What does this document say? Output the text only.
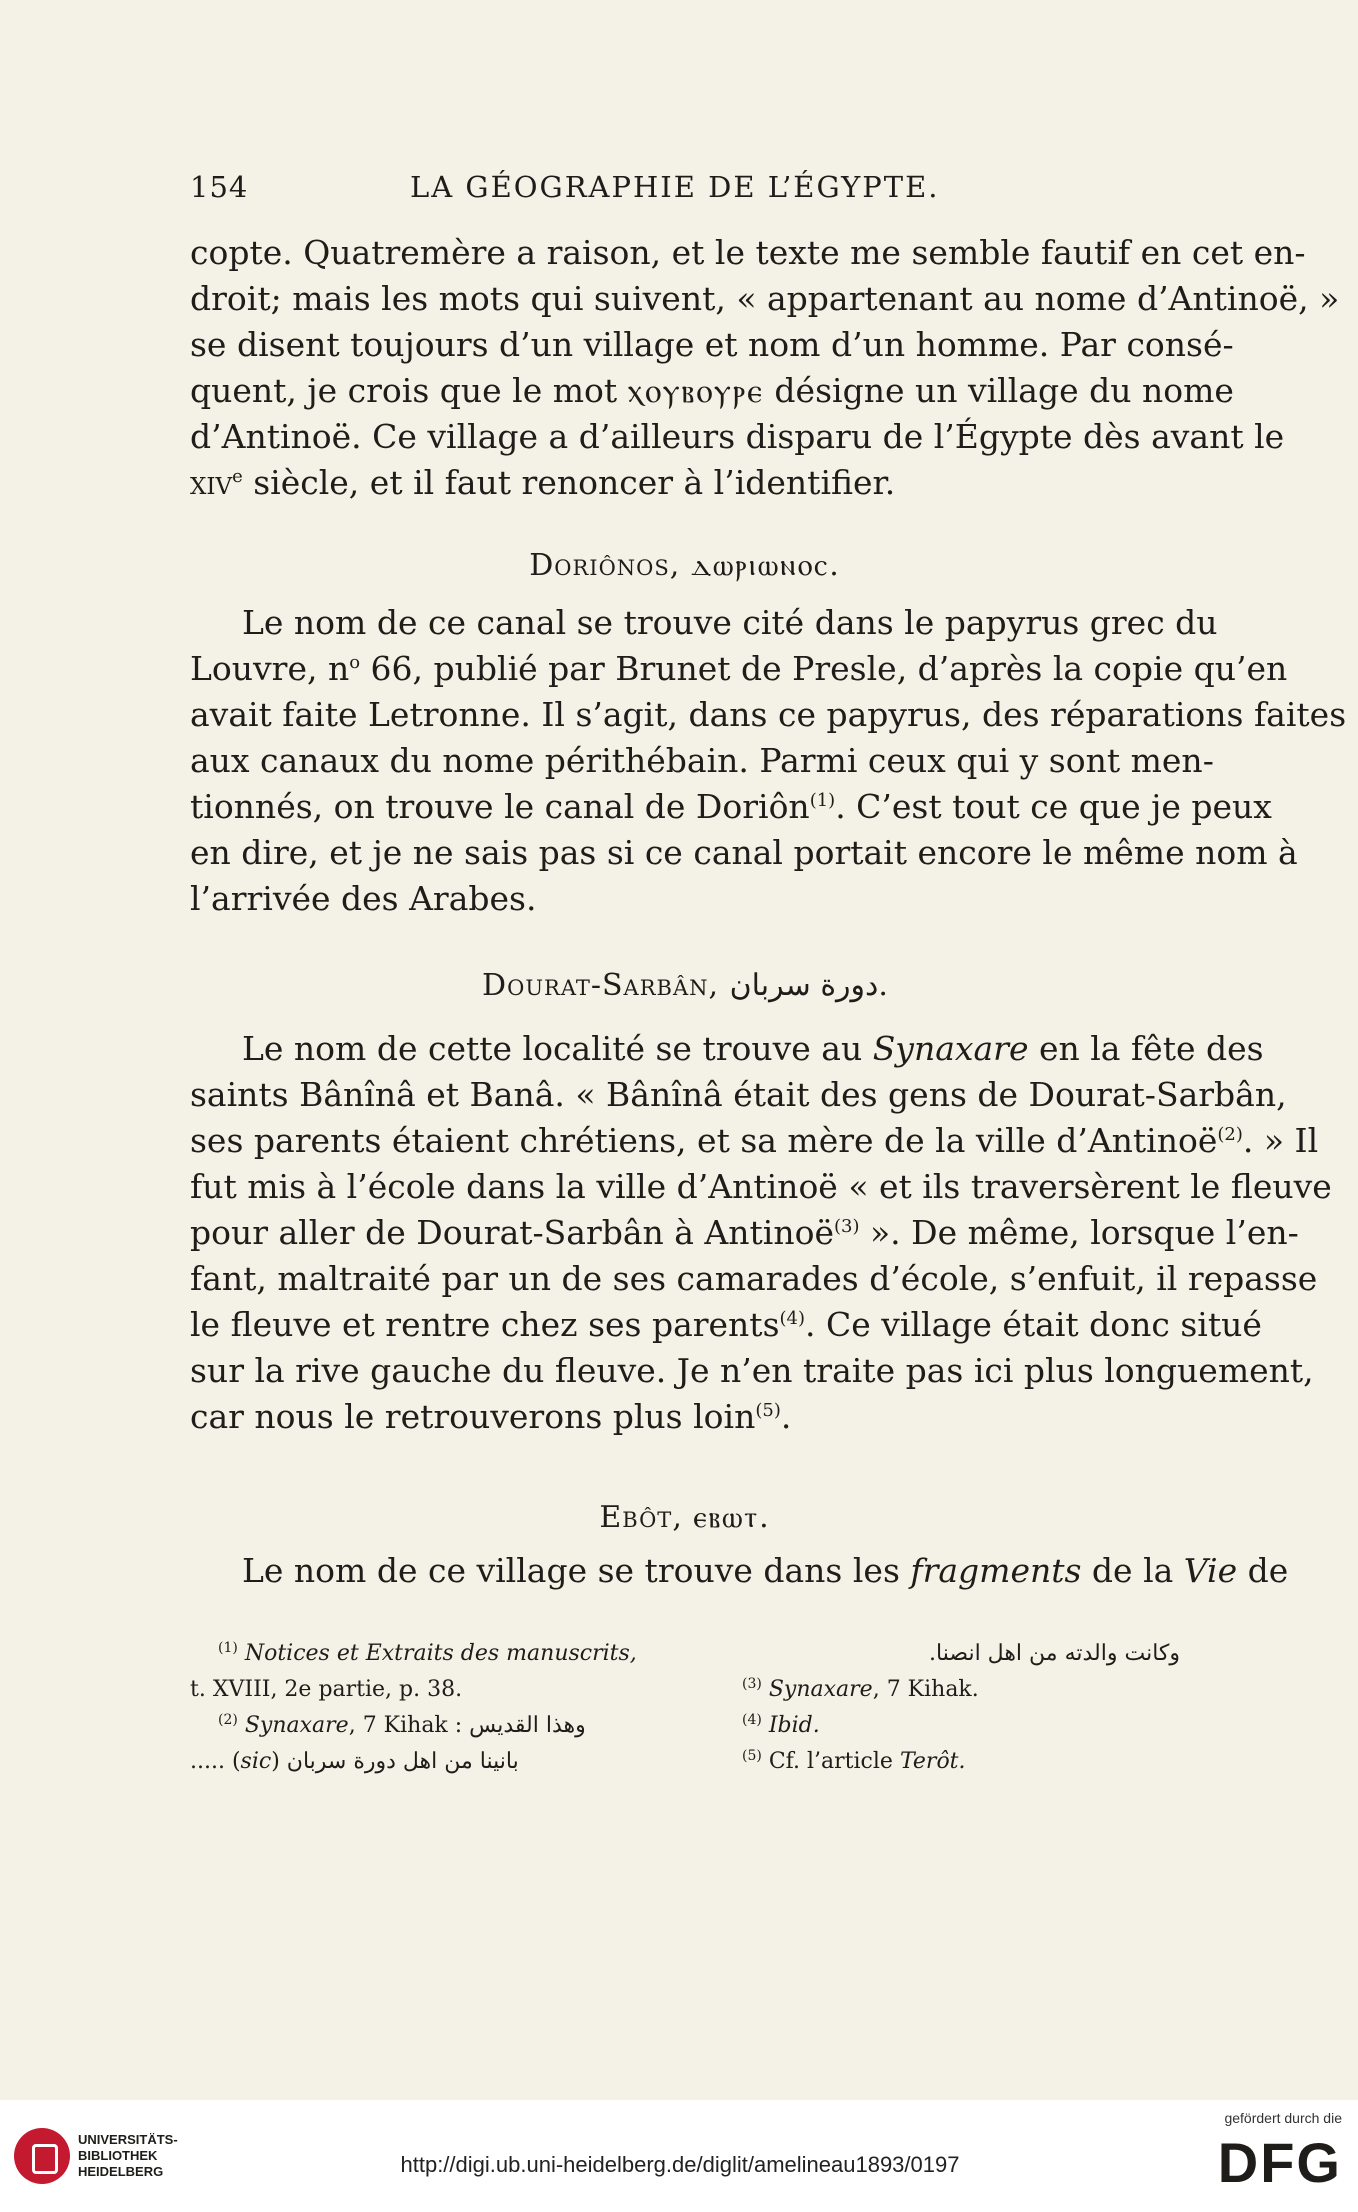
154	LA GÉOGRAPHIE DE L’ÉGYPTE.
copte. Quatremère a raison, et le texte me semble fautif en cet en-
droit; mais les mots qui suivent, « appartenant au nome d’Antinoë, »
se disent toujours d’un village et nom d’un homme. Par consé-
quent, je crois que le mot ⲭⲟⲩⲃⲟⲩⲣⲉ désigne un village du nome
d’Antinoë. Ce village a d’ailleurs disparu de l’Égypte dès avant le
xiv$^e$ siècle, et il faut renoncer à l’identifier.
Doriônos, ⲇⲱⲣⲓⲱⲛⲟⲥ.
Le nom de ce canal se trouve cité dans le papyrus grec du
Louvre, $n^o$ 66, publié par Brunet de Presle, d’après la copie qu’en
avait faite Letronne. Il s’agit, dans ce papyrus, des réparations faites
aux canaux du nome périthébain. Parmi ceux qui y sont men-
tionnés, on trouve le canal de Doriôn$^{(1)}$. C’est tout ce que je peux
en dire, et je ne sais pas si ce canal portait encore le même nom à
l’arrivée des Arabes.
Dourat-Sarbân, دورة سربان.
Le nom de cette localité se trouve au Synaxare en la fête des
saints Bânînâ et Banâ. « Bânînâ était des gens de Dourat-Sarbân,
ses parents étaient chrétiens, et sa mère de la ville d’Antinoë$^{(2)}$. » Il
fut mis à l’école dans la ville d’Antinoë « et ils traversèrent le fleuve
pour aller de Dourat-Sarbân à Antinoë$^{(3)}$ ». De même, lorsque l’en-
fant, maltraité par un de ses camarades d’école, s’enfuit, il repasse
le fleuve et rentre chez ses parents$^{(4)}$. Ce village était donc situé
sur la rive gauche du fleuve. Je n’en traite pas ici plus longuement,
car nous le retrouverons plus loin$^{(5)}$.
Ebôt, ⲉⲃⲱⲧ.
Le nom de ce village se trouve dans les fragments de la Vie de
$^{(1)}$ Notices et Extraits des manuscrits,	وكانت والدته من اهل انصنا.
t. XVIII, 2e partie, p. 38.
$^{(2)}$ Synaxare, 7 Kihak : وهذا القديس
..... (sic) بانينا من اهل دورة سربان
$^{(3)}$ Synaxare, 7 Kihak.
$^{(4)}$ Ibid.
$^{(5)}$ Cf. l’article Terôt.
UNIVERSITÄTS-
BIBLIOTHEK
HEIDELBERG	http://digi.ub.uni-heidelberg.de/diglit/amelineau1893/0197
gefördert durch die
DFG
